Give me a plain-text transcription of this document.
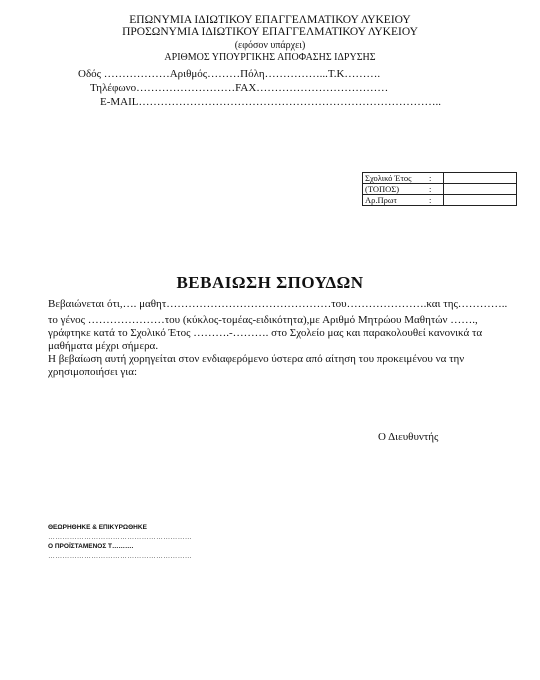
ΕΠΩΝΥΜΙΑ ΙΔΙΩΤΙΚΟΥ ΕΠΑΓΓΕΛΜΑΤΙΚΟΥ ΛΥΚΕΙΟΥ
ΠΡΟΣΩΝΥΜΙΑ ΙΔΙΩΤΙΚΟΥ ΕΠΑΓΓΕΛΜΑΤΙΚΟΥ ΛΥΚΕΙΟΥ
(εφόσον υπάρχει)
ΑΡΙΘΜΟΣ ΥΠΟΥΡΓΙΚΗΣ ΑΠΟΦΑΣΗΣ ΙΔΡΥΣΗΣ
Οδός ………………Αριθμός………Πόλη……………...Τ.Κ……….
Τηλέφωνο………………………FAX………………………………
E-MAIL………………………………………………………………………..
Σχολικό Έτος	:	
(ΤΟΠΟΣ)	:	
Αρ.Πρωτ	:	
ΒΕΒΑΙΩΣΗ ΣΠΟΥΔΩΝ
Βεβαιώνεται ότι,…. μαθητ………………………………………του………………….και της…………..
το γένος …………………του (κύκλος-τομέας-ειδικότητα),με Αριθμό Μητρώου Μαθητών …….,
γράφτηκε κατά το Σχολικό Έτος ……….-………. στο Σχολείο μας και παρακολουθεί κανονικά τα
μαθήματα μέχρι σήμερα.
Η βεβαίωση αυτή χορηγείται στον ενδιαφερόμενο ύστερα από αίτηση του προκειμένου να την
χρησιμοποιήσει για:
Ο Διευθυντής
ΘΕΩΡΗΘΗΚΕ & ΕΠΙΚΥΡΩΘΗΚΕ
……………………………………………………
Ο ΠΡΟΪΣΤΑΜΕΝΟΣ Τ……….
……………………………………………………
